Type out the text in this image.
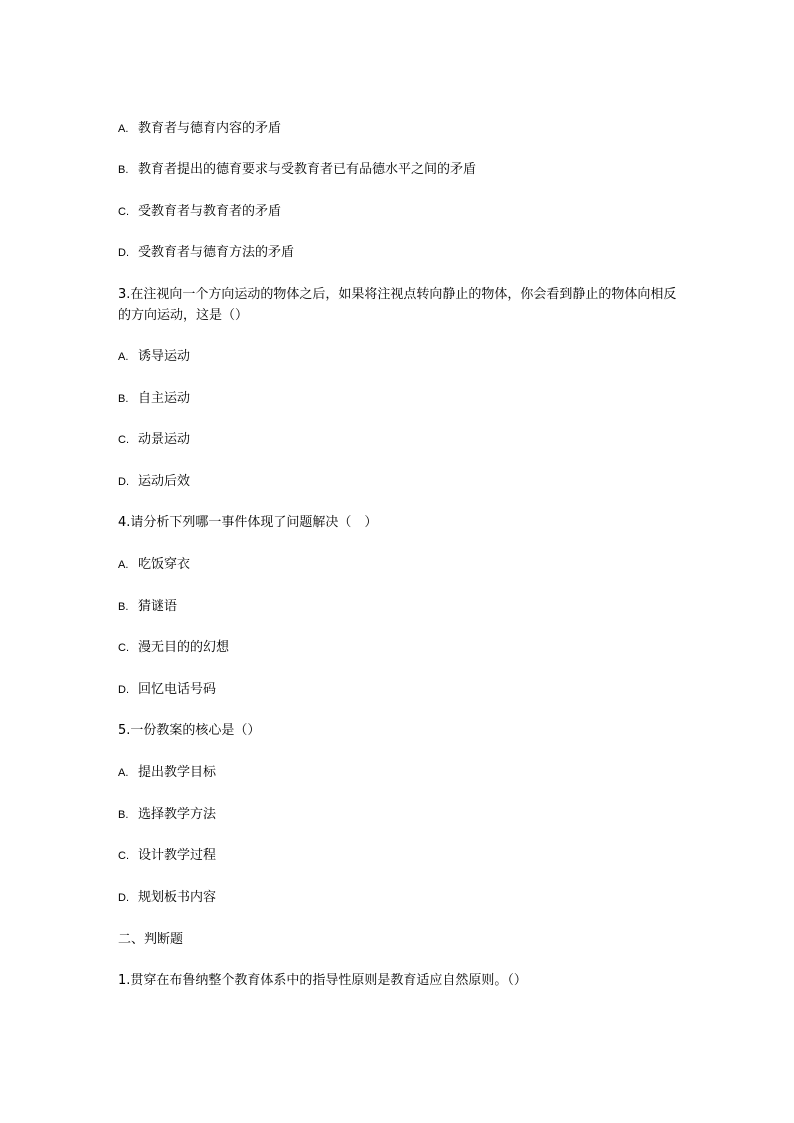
A. 教育者与德育内容的矛盾
B. 教育者提出的德育要求与受教育者已有品德水平之间的矛盾
C. 受教育者与教育者的矛盾
D. 受教育者与德育方法的矛盾
3.在注视向一个方向运动的物体之后，如果将注视点转向静止的物体，你会看到静止的物体向相反的方向运动，这是（）
A. 诱导运动
B. 自主运动
C. 动景运动
D. 运动后效
4.请分析下列哪一事件体现了问题解决（　）
A. 吃饭穿衣
B. 猜谜语
C. 漫无目的的幻想
D. 回忆电话号码
5.一份教案的核心是（）
A. 提出教学目标
B. 选择教学方法
C. 设计教学过程
D. 规划板书内容
二、判断题
1.贯穿在布鲁纳整个教育体系中的指导性原则是教育适应自然原则。（）
